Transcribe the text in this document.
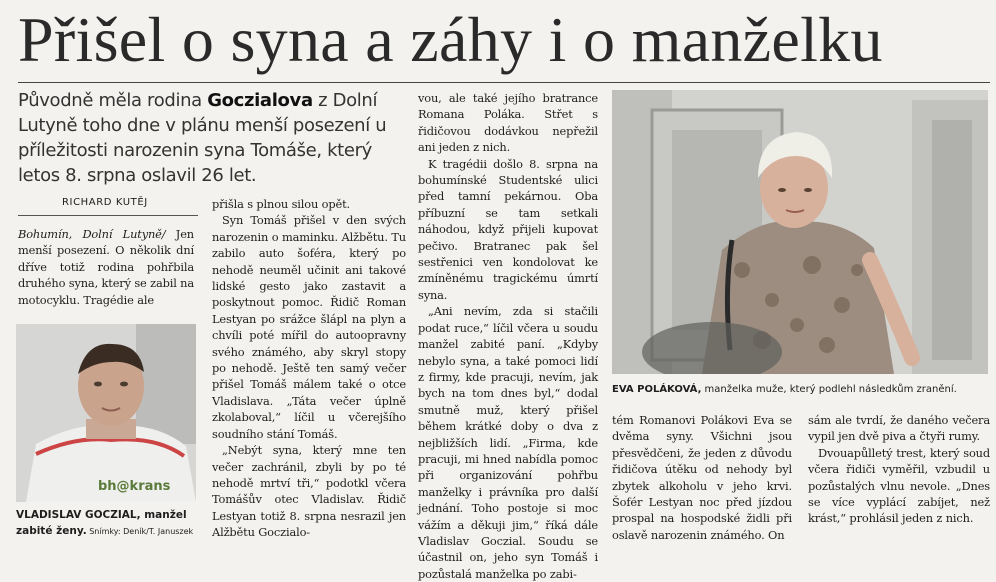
Přišel o syna a záhy i o manželku
Původně měla rodina Goczialova z Dolní Lutyně toho dne v plánu menší posezení u příležitosti narozenin syna Tomáše, který letos 8. srpna oslavil 26 let.
RICHARD KUTĚJ

Bohumín, Dolní Lutyně/ Jen menší posezení. O několik dní dříve totiž rodina pohřbila druhého syna, který se zabil na motocyklu. Tragédie ale

bh@krans
VLADISLAV GOCZIAL, manžel zabité ženy. Snímky: Deník/T. Januszek

přišla s plnou silou opět.

Syn Tomáš přišel v den svých narozenin o maminku. Alžbětu. Tu zabilo auto šoféra, který po nehodě neuměl učinit ani takové lidské gesto jako zastavit a poskytnout pomoc. Řidič Roman Lestyan po srážce šlápl na plyn a chvíli poté mířil do autoopravny svého známého, aby skryl stopy po nehodě. Ještě ten samý večer přišel Tomáš málem také o otce Vladislava. „Táta večer úplně zkolaboval,“ líčil u včerejšího soudního stání Tomáš.

„Nebýt syna, který mne ten večer zachránil, zbyli by po té nehodě mrtví tři,“ podotkl včera Tomášův otec Vladislav. Řidič Lestyan totiž 8. srpna nesrazil jen Alžbětu Goczialo-

vou, ale také jejího bratrance Romana Poláka. Střet s řidičovou dodávkou nepřežil ani jeden z nich.

K tragédii došlo 8. srpna na bohumínské Studentské ulici před tamní pekárnou. Oba příbuzní se tam setkali náhodou, když přijeli kupovat pečivo. Bratranec pak šel sestřenici ven kondolovat ke zmíněnému tragickému úmrtí syna.

„Ani nevím, zda si stačili podat ruce,“ líčil včera u soudu manžel zabité paní. „Kdyby nebylo syna, a také pomoci lidí z firmy, kde pracuji, nevím, jak bych na tom dnes byl,“ dodal smutně muž, který přišel během krátké doby o dva z nejbližších lidí. „Firma, kde pracuji, mi hned nabídla pomoc při organizování pohřbu manželky i právníka pro další jednání. Toho postoje si moc vážím a děkuji jim,“ říká dále Vladislav Goczial. Soudu se účastnil on, jeho syn Tomáš i pozůstalá manželka po zabi-

EVA POLÁKOVÁ, manželka muže, který podlehl následkům zranění.

tém Romanovi Polákovi Eva se dvěma syny. Všichni jsou přesvědčeni, že jeden z důvodu řidičova útěku od nehody byl zbytek alkoholu v jeho krvi. Šofér Lestyan noc před jízdou prospal na hospodské židli při oslavě narozenin známého. On

sám ale tvrdí, že daného večera vypil jen dvě piva a čtyři rumy.

Dvouapůlletý trest, který soud včera řidiči vyměřil, vzbudil u pozůstalých vlnu nevole. „Dnes se více vyplácí zabíjet, než krást,“ prohlásil jeden z nich.
